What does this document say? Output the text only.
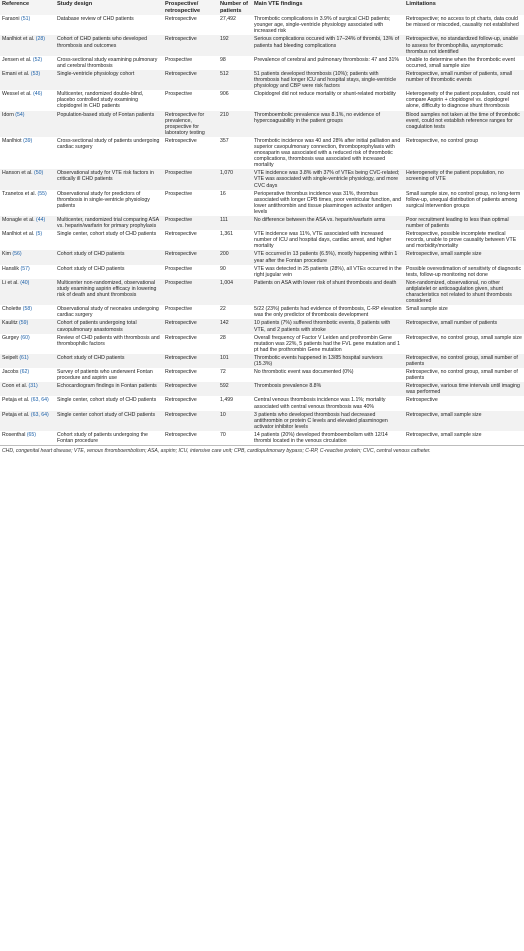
Reference	Study design	Prospective/ retrospective	Number of patients	Main VTE findings	Limitations
Faraoni (51)	Database review of CHD patients	Retrospective	27,492	Thrombotic complications in 3.9% of surgical CHD patients; younger age, single-ventricle physiology associated with increased risk	Retrospective; no access to pt charts, data could be missed or miscoded, causality not established
Manlhiot et al. (28)	Cohort of CHD patients who developed thrombosis and outcomes	Retrospective	192	Serious complications occured with 17–24% of thrombi, 13% of patients had bleeding complications	Retrospective, no standardized follow-up, unable to assess for thrombophilia, asymptomatic thrombus not identified
Jensen et al. (52)	Cross-sectional study examining pulmonary and cerebral thrombosis	Prospective	98	Prevalence of cerebral and pulmonary thrombosis: 47 and 31%	Unable to determine when the thrombotic event occurred, small sample size
Emani et al. (53)	Single-ventricle physiology cohort	Retrospective	512	51 patients developed thrombosis (10%); patients with thrombosis had longer ICU and hospital stays, single-ventricle physiology and CBP were risk factors	Retrospective, small number of patients, small number of thrombotic events
Wessel et al. (46)	Multicenter, randomized double-blind, placebo controlled study examining clopidogrel in CHD patients	Prospective	906	Clopidogrel did not reduce mortality or shunt-related morbidity	Heterogeneity of the patient population, could not compare Aspirin + clopidogrel vs. clopidogrel alone, difficulty to diagnose shunt thrombosis
Idorn (54)	Population-based study of Fontan patients	Retrospective for prevalence, prospective for laboratory testing	210	Thromboembolic prevalence was 8.1%, no evidence of hypercoaguability in the patient groups	Blood samples not taken at the time of thrombotic event, could not establish reference ranges for coagulation tests
Manlhiot (39)	Cross-sectional study of patients undergoing cardiac surgery	Retrospective	357	Thrombotic incidence was 40 and 28% after initial palliation and superior cavopulmonary connection, thromboprophylaxis with enoxaparin was associated with a reduced risk of thrombotic complications, thrombosis was associated with increased mortality	Retrospective, no control group
Hanson et al. (50)	Observational study for VTE risk factors in critically ill CHD patients	Prospective	1,070	VTE incidence was 3.8% with 37% of VTEs being CVC-related; VTE was associated with single-ventricle physiology, and more CVC days	Heterogeneity of the patient population, no screening of VTE
Tzanetos et al. (55)	Observational study for predictors of thrombosis in single-ventricle physiology patients	Prospective	16	Perioperative thrombus incidence was 31%, thrombus associated with longer CPB times, poor ventricular function, and lower antithrombin and tissue plasminogen activator antigen levels	Small sample size, no control group, no long-term follow-up, unequal distribution of patients among surgical intervention groups
Monagle et al. (44)	Multicenter, randomized trial comparing ASA vs. heparin/warfarin for primary prophylaxis	Prospective	111	No difference between the ASA vs. heparin/warfarin arms	Poor recruitment leading to less than optimal number of patients
Manlhiot et al. (5)	Single center, cohort study of CHD patients	Retrospective	1,361	VTE incidence was 11%, VTE associated with increased number of ICU and hospital days, cardiac arrest, and higher mortality	Retrospective, possible incomplete medical records, unable to prove causality between VTE and morbidity/mortality
Kim (56)	Cohort study of CHD patients	Retrospective	200	VTE occurred in 13 patients (6.5%), mostly happening within 1 year after the Fontan procedure	Retrospective, small sample size
Hanslik (57)	Cohort study of CHD patients	Prospective	90	VTE was detected in 25 patients (28%), all VTEs occurred in the right jugular vein	Possible overestimation of sensitivity of diagnostic tests, follow-up monitoring not done
Li et al. (40)	Multicenter non-randomized, observational study examining aspirin efficacy in lowering risk of death and shunt thrombosis	Prospective	1,004	Patients on ASA with lower risk of shunt thrombosis and death	Non-randomized, observational, no other antiplatelet or anticoagulation given, shunt characteristics not related to shunt thrombosis considered
Cholette (58)	Observational study of neonates undergoing cardiac surgery	Prospective	22	5/22 (23%) patients had evidence of thrombosis, C-RP elevation was the only predictor of thrombosis development	Small sample size
Kaulitz (59)	Cohort of patients undergoing total cavopulmonary anastomosis	Retrospective	142	10 patients (7%) suffered thrombotic events, 8 patients with VTE, and 2 patients with stroke	Retrospective, small number of patients
Gurgey (60)	Review of CHD patients with thrombosis and thrombophilic factors	Retrospective	28	Overall frequency of Factor V Leiden and prothrombin Gene mutation was 22%, 5 patients had the FVL gene mutation and 1 pt had the prothrombin Gene mutation	Retrospective, no control group, small sample size
Seipelt (61)	Cohort study of CHD patients	Retrospective	101	Thrombotic events happened in 13/85 hospital survivors (15.3%)	Retrospective, no control group, small number of patients
Jacobs (62)	Survey of patients who underwent Fontan procedure and aspirin use	Retrospective	72	No thrombotic event was documented (0%)	Retrospective, no control group, small number of patients
Coon et al. (31)	Echocardiogram findings in Fontan patients	Retrospective	592	Thrombosis prevalence 8.8%	Retrospective, various time intervals until imaging was performed
Petaja et al. (63, 64)	Single center, cohort study of CHD patients	Retrospective	1,499	Central venous thrombosis incidence was 1.1%; mortality associated with central venous thrombosis was 40%	Retrospective
Petaja et al. (63, 64)	Single center cohort study of CHD patients	Retrospective	10	3 patients who developed thrombosis had decreased antithrombin or protein C levels and elevated plasminogen activator inhibitor levels	Retrospective, small sample size
Rosenthal (65)	Cohort study of patients undergoing the Fontan procedure	Retrospective	70	14 patients (20%) developed thromboembolism with 12/14 thrombi located in the venous circulation	Retrospective, small sample size
CHD, congenital heart disease; VTE, venous thromboembolism; ASA, aspirin; ICU, intensive care unit; CPB, cardiopulmonary bypass; C-RP, C-reactive protein; CVC, central venous catheter.
